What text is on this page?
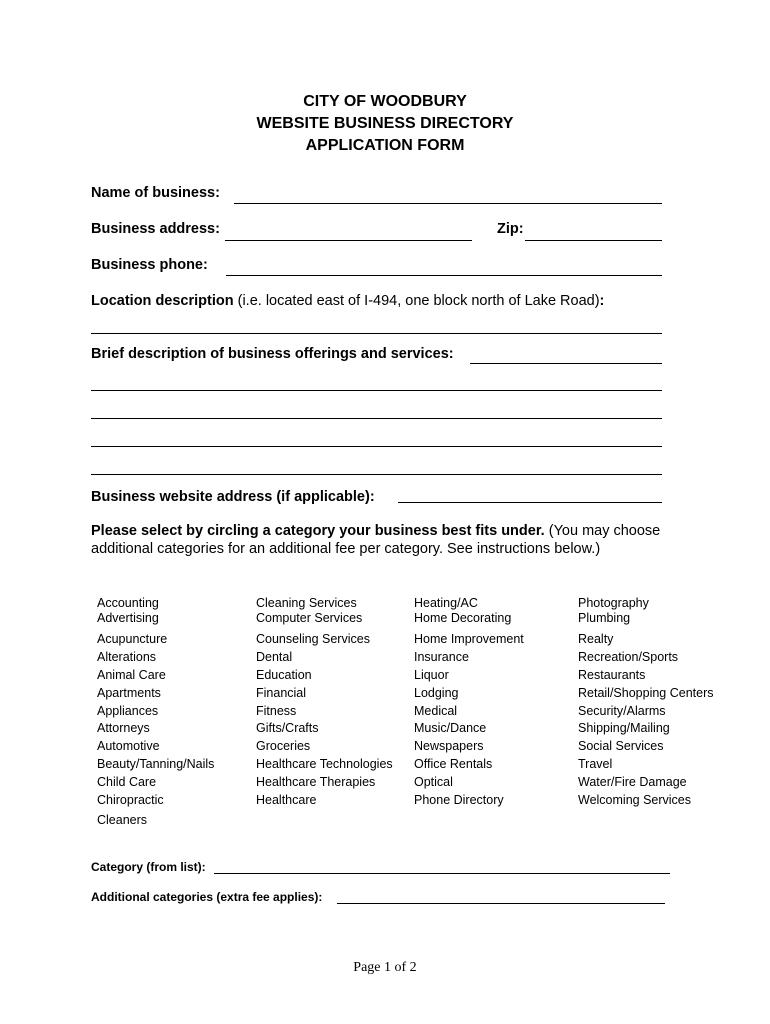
CITY OF WOODBURY
WEBSITE BUSINESS DIRECTORY
APPLICATION FORM
Name of business:
Business address:	Zip:
Business phone:
Location description (i.e. located east of I-494, one block north of Lake Road):
Brief description of business offerings and services:
Business website address (if applicable):
Please select by circling a category your business best fits under. (You may choose additional categories for an additional fee per category. See instructions below.)
Accounting
Advertising
Cleaning Services
Computer Services
Heating/AC
Home Decorating
Photography
Plumbing
Acupuncture
Alterations
Animal Care
Apartments
Appliances
Attorneys
Automotive
Beauty/Tanning/Nails
Child Care
Chiropractic
Cleaners
Counseling Services
Dental
Education
Financial
Fitness
Gifts/Crafts
Groceries
Healthcare Technologies
Healthcare Therapies
Healthcare
Home Improvement
Insurance
Liquor
Lodging
Medical
Music/Dance
Newspapers
Office Rentals
Optical
Phone Directory
Realty
Recreation/Sports
Restaurants
Retail/Shopping Centers
Security/Alarms
Shipping/Mailing
Social Services
Travel
Water/Fire Damage
Welcoming Services
Category (from list):
Additional categories (extra fee applies):
Page 1 of 2
